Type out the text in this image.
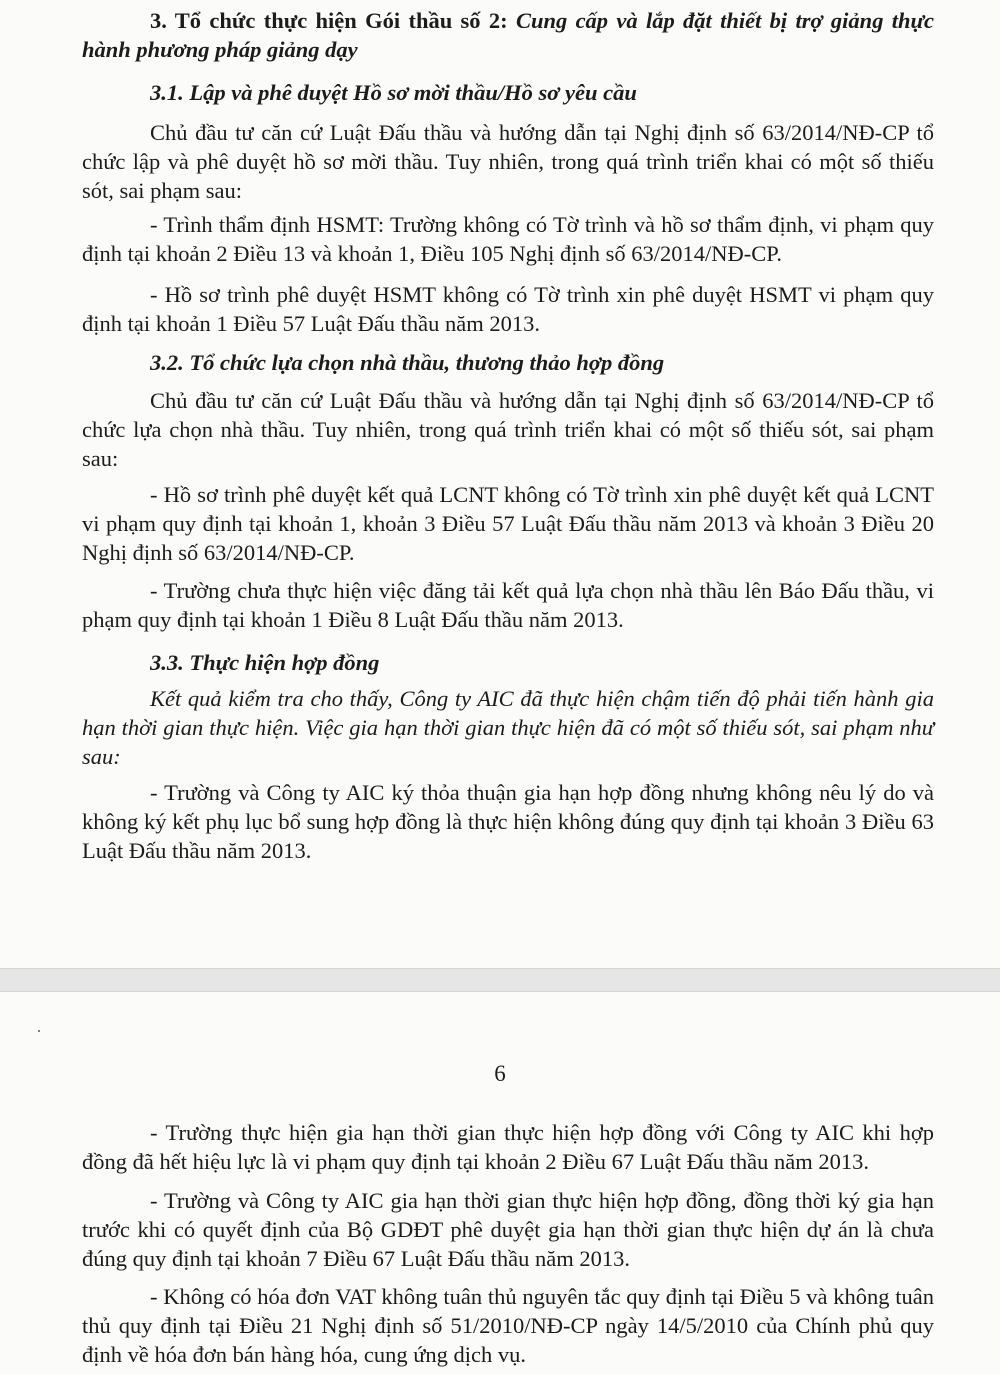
3. Tổ chức thực hiện Gói thầu số 2: Cung cấp và lắp đặt thiết bị trợ giảng thực hành phương pháp giảng dạy

3.1. Lập và phê duyệt Hồ sơ mời thầu/Hồ sơ yêu cầu

Chủ đầu tư căn cứ Luật Đấu thầu và hướng dẫn tại Nghị định số 63/2014/NĐ-CP tổ chức lập và phê duyệt hồ sơ mời thầu. Tuy nhiên, trong quá trình triển khai có một số thiếu sót, sai phạm sau:

- Trình thẩm định HSMT: Trường không có Tờ trình và hồ sơ thẩm định, vi phạm quy định tại khoản 2 Điều 13 và khoản 1, Điều 105 Nghị định số 63/2014/NĐ-CP.

- Hồ sơ trình phê duyệt HSMT không có Tờ trình xin phê duyệt HSMT vi phạm quy định tại khoản 1 Điều 57 Luật Đấu thầu năm 2013.

3.2. Tổ chức lựa chọn nhà thầu, thương thảo hợp đồng

Chủ đầu tư căn cứ Luật Đấu thầu và hướng dẫn tại Nghị định số 63/2014/NĐ-CP tổ chức lựa chọn nhà thầu. Tuy nhiên, trong quá trình triển khai có một số thiếu sót, sai phạm sau:

- Hồ sơ trình phê duyệt kết quả LCNT không có Tờ trình xin phê duyệt kết quả LCNT vi phạm quy định tại khoản 1, khoản 3 Điều 57 Luật Đấu thầu năm 2013 và khoản 3 Điều 20 Nghị định số 63/2014/NĐ-CP.

- Trường chưa thực hiện việc đăng tải kết quả lựa chọn nhà thầu lên Báo Đấu thầu, vi phạm quy định tại khoản 1 Điều 8 Luật Đấu thầu năm 2013.

3.3. Thực hiện hợp đồng

Kết quả kiểm tra cho thấy, Công ty AIC đã thực hiện chậm tiến độ phải tiến hành gia hạn thời gian thực hiện. Việc gia hạn thời gian thực hiện đã có một số thiếu sót, sai phạm như sau:

- Trường và Công ty AIC ký thỏa thuận gia hạn hợp đồng nhưng không nêu lý do và không ký kết phụ lục bổ sung hợp đồng là thực hiện không đúng quy định tại khoản 3 Điều 63 Luật Đấu thầu năm 2013.

6

- Trường thực hiện gia hạn thời gian thực hiện hợp đồng với Công ty AIC khi hợp đồng đã hết hiệu lực là vi phạm quy định tại khoản 2 Điều 67 Luật Đấu thầu năm 2013.

- Trường và Công ty AIC gia hạn thời gian thực hiện hợp đồng, đồng thời ký gia hạn trước khi có quyết định của Bộ GDĐT phê duyệt gia hạn thời gian thực hiện dự án là chưa đúng quy định tại khoản 7 Điều 67 Luật Đấu thầu năm 2013.

- Không có hóa đơn VAT không tuân thủ nguyên tắc quy định tại Điều 5 và không tuân thủ quy định tại Điều 21 Nghị định số 51/2010/NĐ-CP ngày 14/5/2010 của Chính phủ quy định về hóa đơn bán hàng hóa, cung ứng dịch vụ.
